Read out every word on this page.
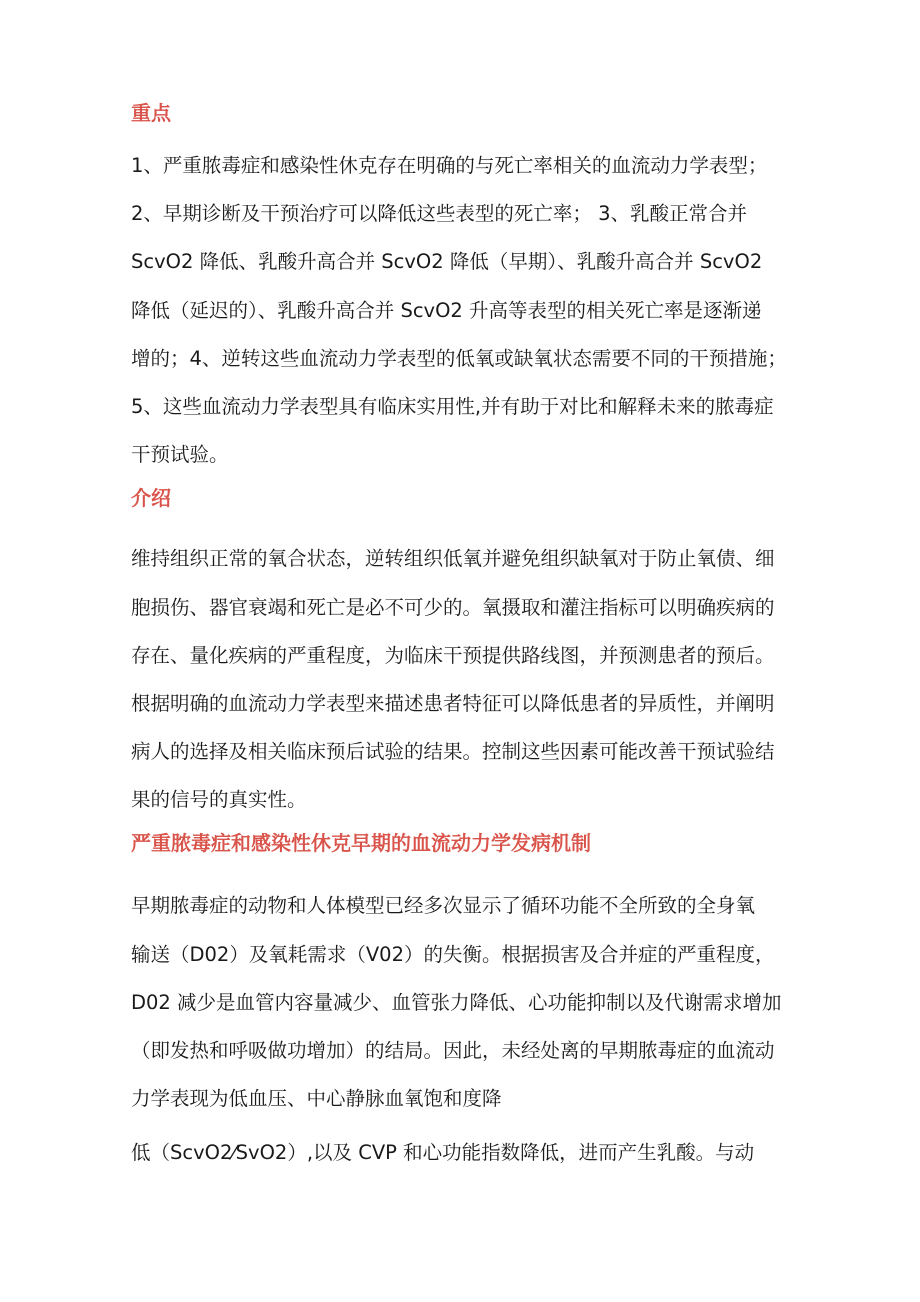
重点

1、严重脓毒症和感染性休克存在明确的与死亡率相关的血流动力学表型；
2、早期诊断及干预治疗可以降低这些表型的死亡率； 3、乳酸正常合并
ScvO2 降低、乳酸升高合并 ScvO2 降低（早期）、乳酸升高合并 ScvO2
降低（延迟的）、乳酸升高合并 ScvO2 升高等表型的相关死亡率是逐渐递
增的；4、逆转这些血流动力学表型的低氧或缺氧状态需要不同的干预措施；
5、这些血流动力学表型具有临床实用性,并有助于对比和解释未来的脓毒症
干预试验。

介绍

维持组织正常的氧合状态，逆转组织低氧并避免组织缺氧对于防止氧债、细
胞损伤、器官衰竭和死亡是必不可少的。氧摄取和灌注指标可以明确疾病的
存在、量化疾病的严重程度，为临床干预提供路线图，并预测患者的预后。
根据明确的血流动力学表型来描述患者特征可以降低患者的异质性，并阐明
病人的选择及相关临床预后试验的结果。控制这些因素可能改善干预试验结
果的信号的真实性。

严重脓毒症和感染性休克早期的血流动力学发病机制

早期脓毒症的动物和人体模型已经多次显示了循环功能不全所致的全身氧
输送（D02）及氧耗需求（V02）的失衡。根据损害及合并症的严重程度，
D02 减少是血管内容量减少、血管张力降低、心功能抑制以及代谢需求增加
（即发热和呼吸做功增加）的结局。因此，未经处离的早期脓毒症的血流动
力学表现为低血压、中心静脉血氧饱和度降

低（ScvO2⁄SvO2）,以及 CVP 和心功能指数降低，进而产生乳酸。与动
